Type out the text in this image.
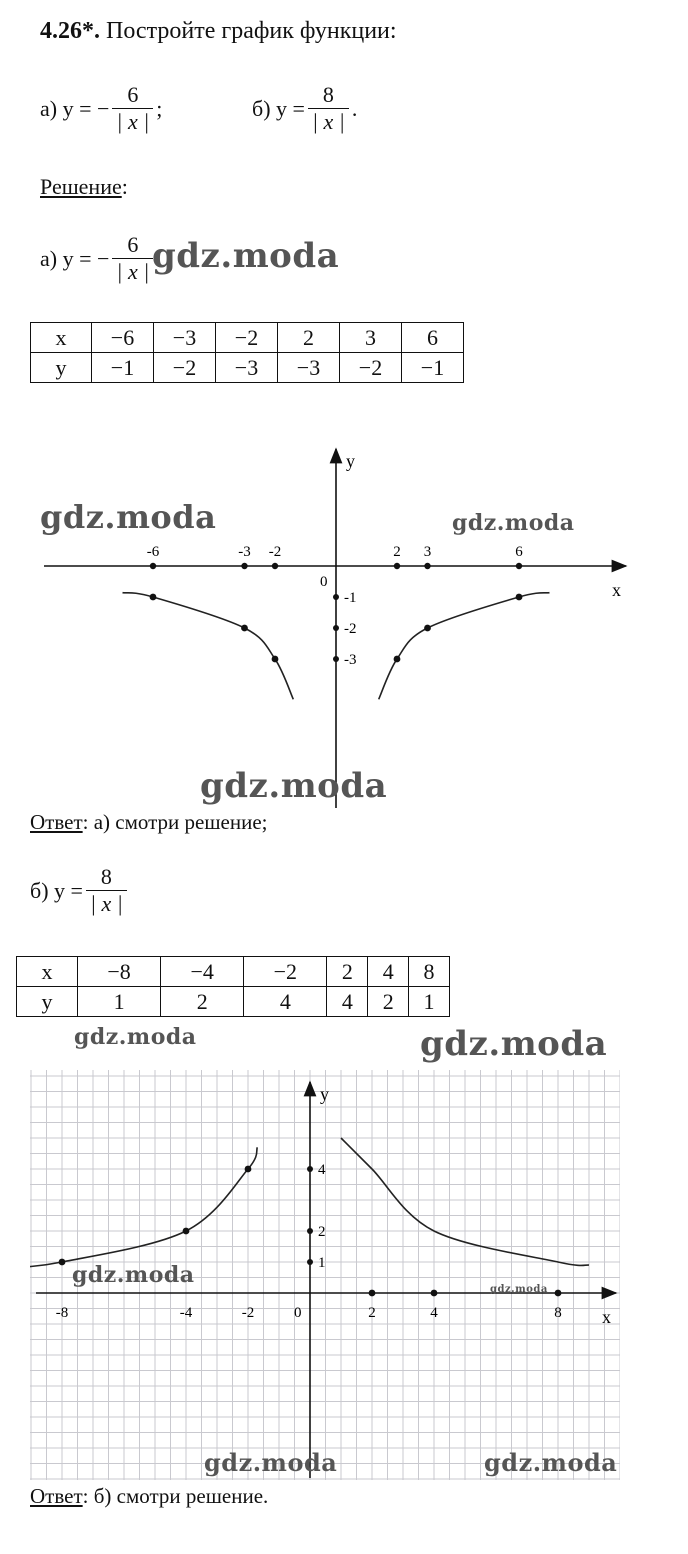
4.26*. Постройте график функции:
а) y = − $\frac{6}{| x |}$ ;	б) $y = \frac{8}{| x |}$ .
Решение:
а) y = − $\frac{6}{| x |}$
gdz.moda
x	−6	−3	−2	2	3	6
y	−1	−2	−3	−3	−2	−1
x
y
0
-6	-3 -2	2 3	6
-1
-2
-3
gdz.moda	gdz.moda
gdz.moda
Ответ: а) смотри решение;
б) $y = \frac{8}{| x |}$
x	−8	−4	−2	2	4	8
y	1	2	4	4	2	1
gdz.moda	gdz.moda
x
y
0
-8	-4	-2	2	4	8
1
2
4
gdz.moda
gdz.moda
gdz.moda	gdz.moda
Ответ: б) смотри решение.
